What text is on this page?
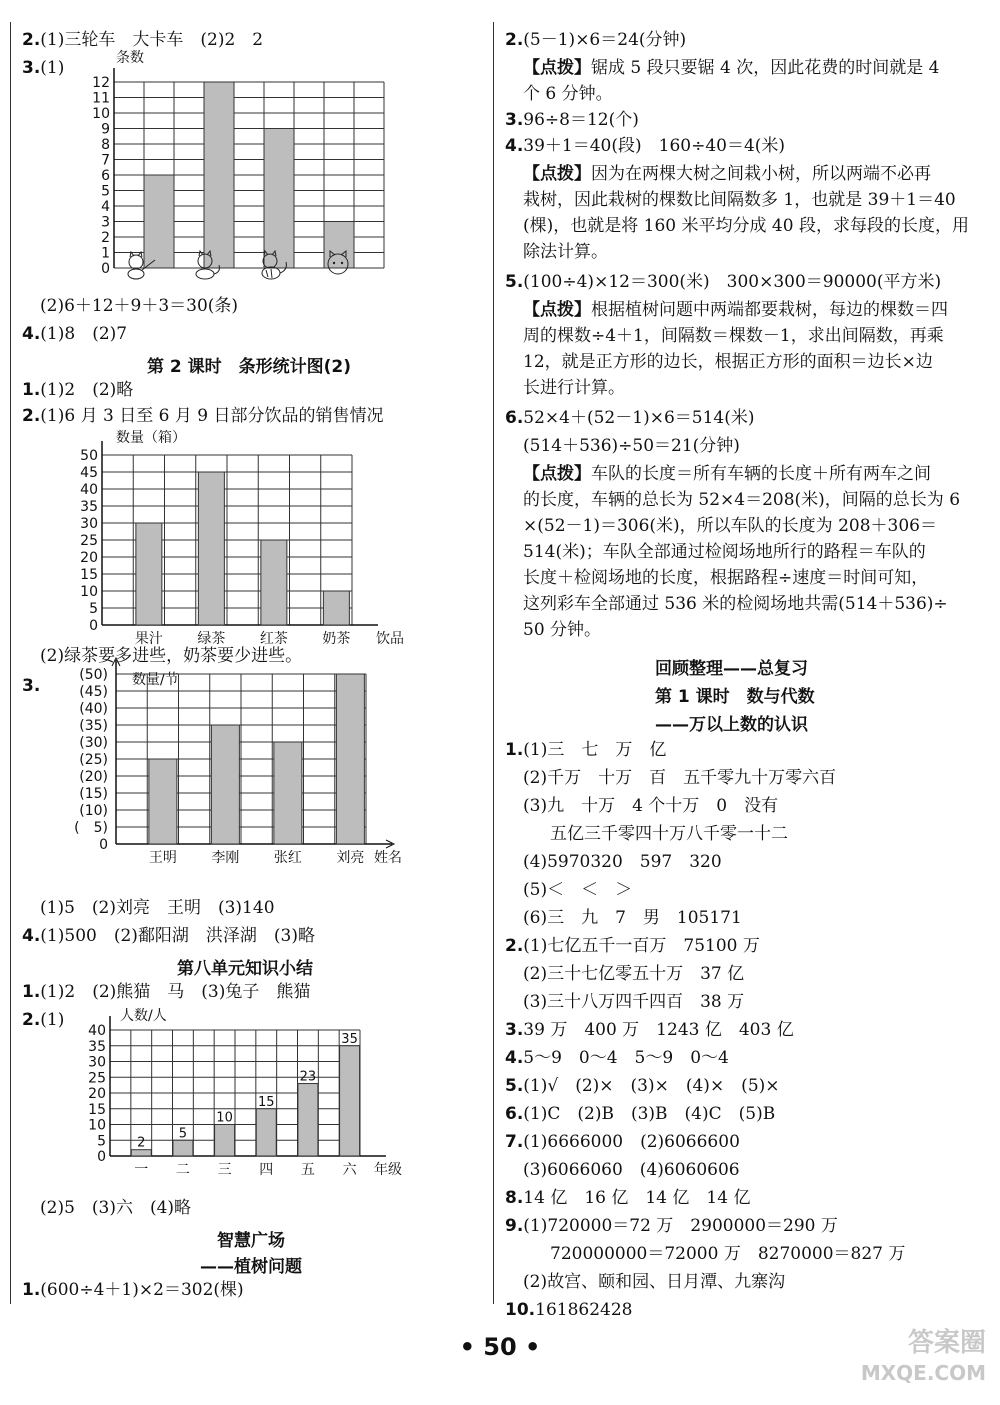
2.(1)三轮车　大卡车　(2)2　2
3.(1)
0
1
2
3
4
5
6
7
8
9
10
11
12
条数
(2)6＋12＋9＋3＝30(条)
4.(1)8　(2)7
第 2 课时　条形统计图(2)
1.(1)2　(2)略
2.(1)6 月 3 日至 6 月 9 日部分饮品的销售情况
0
5
10
15
20
25
30
35
40
45
50
数量（箱）
果汁 绿茶 红茶 奶茶 饮品
(2)绿茶要多进些，奶茶要少进些。
3.
0
(　5)
(10)
(15)
(20)
(25)
(30)
(35)
(40)
(45)
(50) 数量/节
王明 李刚 张红 刘亮 姓名
(1)5　(2)刘亮　王明　(3)140
4.(1)500　(2)鄱阳湖　洪泽湖　(3)略
第八单元知识小结
1.(1)2　(2)熊猫　马　(3)兔子　熊猫
2.(1)
0
5
10
15
20
25
30
35
40
人数/人
2
一
5
二
10
三
15
四
23
五
35
六 年级
(2)5　(3)六　(4)略
智慧广场
——植树问题
1.(600÷4＋1)×2＝302(棵)
2.(5－1)×6＝24(分钟)
【点拨】锯成 5 段只要锯 4 次，因此花费的时间就是 4
个 6 分钟。
3.96÷8＝12(个)
4.39＋1＝40(段)　160÷40＝4(米)
【点拨】因为在两棵大树之间栽小树，所以两端不必再
栽树，因此栽树的棵数比间隔数多 1，也就是 39＋1＝40
(棵)，也就是将 160 米平均分成 40 段，求每段的长度，用
除法计算。
5.(100÷4)×12＝300(米)　300×300＝90000(平方米)
【点拨】根据植树问题中两端都要栽树，每边的棵数＝四
周的棵数÷4＋1，间隔数＝棵数－1，求出间隔数，再乘
12，就是正方形的边长，根据正方形的面积＝边长×边
长进行计算。
6.52×4＋(52－1)×6＝514(米)
(514＋536)÷50＝21(分钟)
【点拨】车队的长度＝所有车辆的长度＋所有两车之间
的长度，车辆的总长为 52×4＝208(米)，间隔的总长为 6
×(52－1)＝306(米)，所以车队的长度为 208＋306＝
514(米)；车队全部通过检阅场地所行的路程＝车队的
长度＋检阅场地的长度，根据路程÷速度＝时间可知，
这列彩车全部通过 536 米的检阅场地共需(514＋536)÷
50 分钟。
回顾整理——总复习
第 1 课时　数与代数
——万以上数的认识
1.(1)三　七　万　亿
(2)千万　十万　百　五千零九十万零六百
(3)九　十万　4 个十万　0　没有
五亿三千零四十万八千零一十二
(4)5970320　597　320
(5)＜　＜　＞
(6)三　九　7　男　105171
2.(1)七亿五千一百万　75100 万
(2)三十七亿零五十万　37 亿
(3)三十八万四千四百　38 万
3.39 万　400 万　1243 亿　403 亿
4.5～9　0～4　5～9　0～4
5.(1)√　(2)×　(3)×　(4)×　(5)×
6.(1)C　(2)B　(3)B　(4)C　(5)B
7.(1)6666000　(2)6066600
(3)6066060　(4)6060606
8.14 亿　16 亿　14 亿　14 亿
9.(1)720000＝72 万　2900000＝290 万
720000000＝72000 万　8270000＝827 万
(2)故宫、颐和园、日月潭、九寨沟
10.161862428
• 50 •	答案圈
MXQE.COM
